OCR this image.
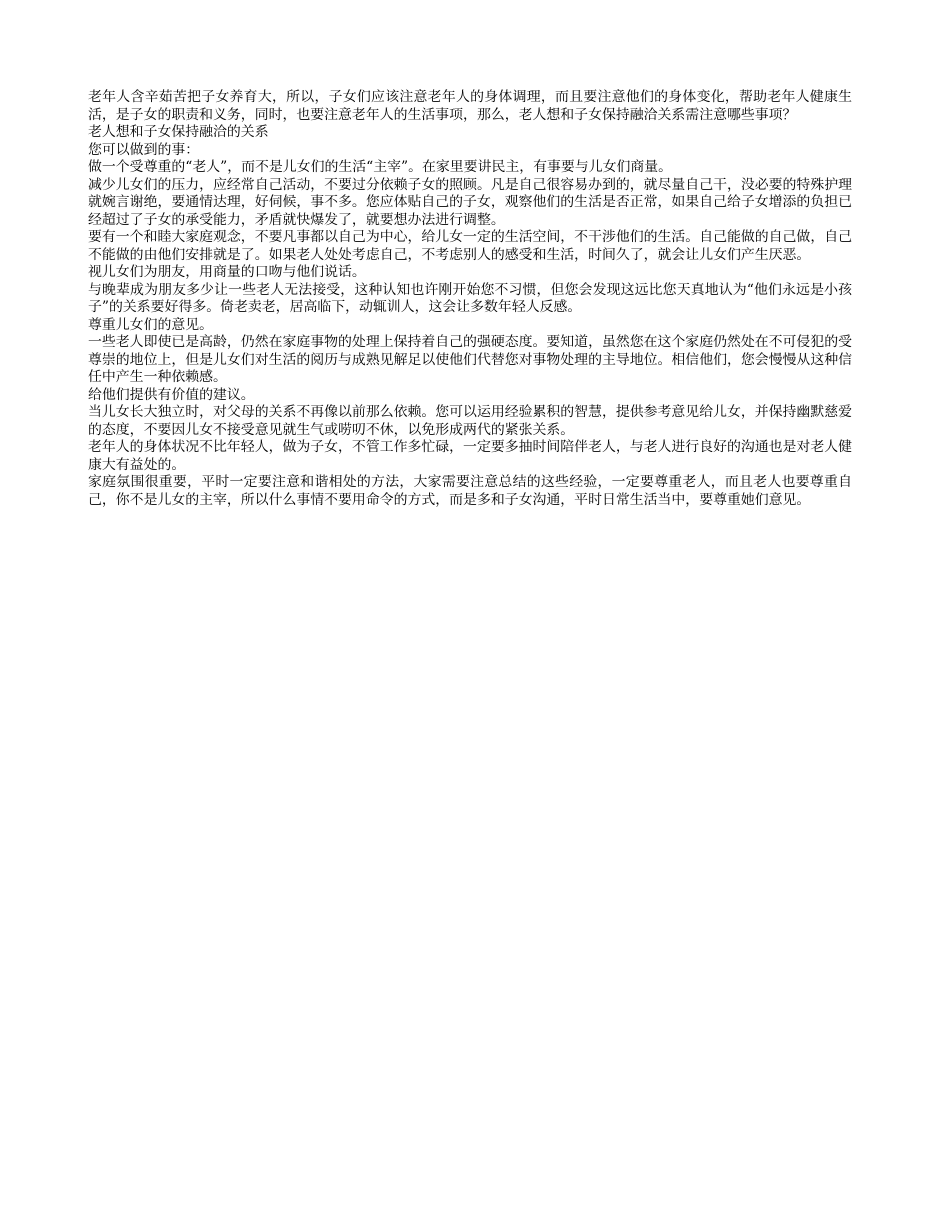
老年人含辛茹苦把子女养育大，所以，子女们应该注意老年人的身体调理，而且要注意他们的身体变化，帮助老年人健康生活，是子女的职责和义务，同时，也要注意老年人的生活事项，那么，老人想和子女保持融洽关系需注意哪些事项？

老人想和子女保持融洽的关系

您可以做到的事：

做一个受尊重的“老人”，而不是儿女们的生活“主宰”。在家里要讲民主，有事要与儿女们商量。

减少儿女们的压力，应经常自己活动，不要过分依赖子女的照顾。凡是自己很容易办到的，就尽量自己干，没必要的特殊护理就婉言谢绝，要通情达理，好伺候，事不多。您应体贴自己的子女，观察他们的生活是否正常，如果自己给子女增添的负担已经超过了子女的承受能力，矛盾就快爆发了，就要想办法进行调整。

要有一个和睦大家庭观念，不要凡事都以自己为中心，给儿女一定的生活空间，不干涉他们的生活。自己能做的自己做，自己不能做的由他们安排就是了。如果老人处处考虑自己，不考虑别人的感受和生活，时间久了，就会让儿女们产生厌恶。

视儿女们为朋友，用商量的口吻与他们说话。

与晚辈成为朋友多少让一些老人无法接受，这种认知也许刚开始您不习惯，但您会发现这远比您天真地认为“他们永远是小孩子”的关系要好得多。倚老卖老，居高临下，动辄训人，这会让多数年轻人反感。

尊重儿女们的意见。

一些老人即使已是高龄，仍然在家庭事物的处理上保持着自己的强硬态度。要知道，虽然您在这个家庭仍然处在不可侵犯的受尊崇的地位上，但是儿女们对生活的阅历与成熟见解足以使他们代替您对事物处理的主导地位。相信他们，您会慢慢从这种信任中产生一种依赖感。

给他们提供有价值的建议。

当儿女长大独立时，对父母的关系不再像以前那么依赖。您可以运用经验累积的智慧，提供参考意见给儿女，并保持幽默慈爱的态度，不要因儿女不接受意见就生气或唠叨不休，以免形成两代的紧张关系。

老年人的身体状况不比年轻人，做为子女，不管工作多忙碌，一定要多抽时间陪伴老人，与老人进行良好的沟通也是对老人健康大有益处的。

家庭氛围很重要，平时一定要注意和谐相处的方法，大家需要注意总结的这些经验，一定要尊重老人，而且老人也要尊重自己，你不是儿女的主宰，所以什么事情不要用命令的方式，而是多和子女沟通，平时日常生活当中，要尊重她们意见。
